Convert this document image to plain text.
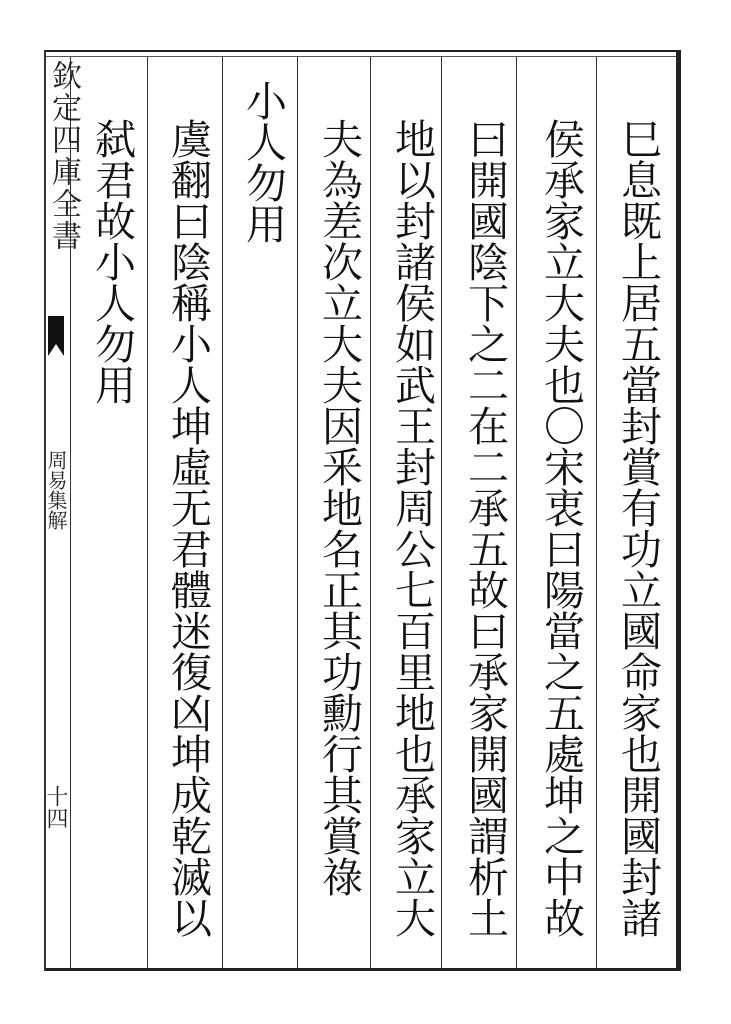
欽定四庫全書
周易集解
十四	巳息既上居五當封賞有功立國命家也開國封諸
侯承家立大夫也〇宋衷曰陽當之五處坤之中故
曰開國陰下之二在二承五故曰承家開國謂析土
地以封諸侯如武王封周公七百里地也承家立大
夫為差次立大夫因釆地名正其功勳行其賞祿
小人勿用
虞翻曰陰稱小人坤虛无君體迷復凶坤成乾滅以
弑君故小人勿用
